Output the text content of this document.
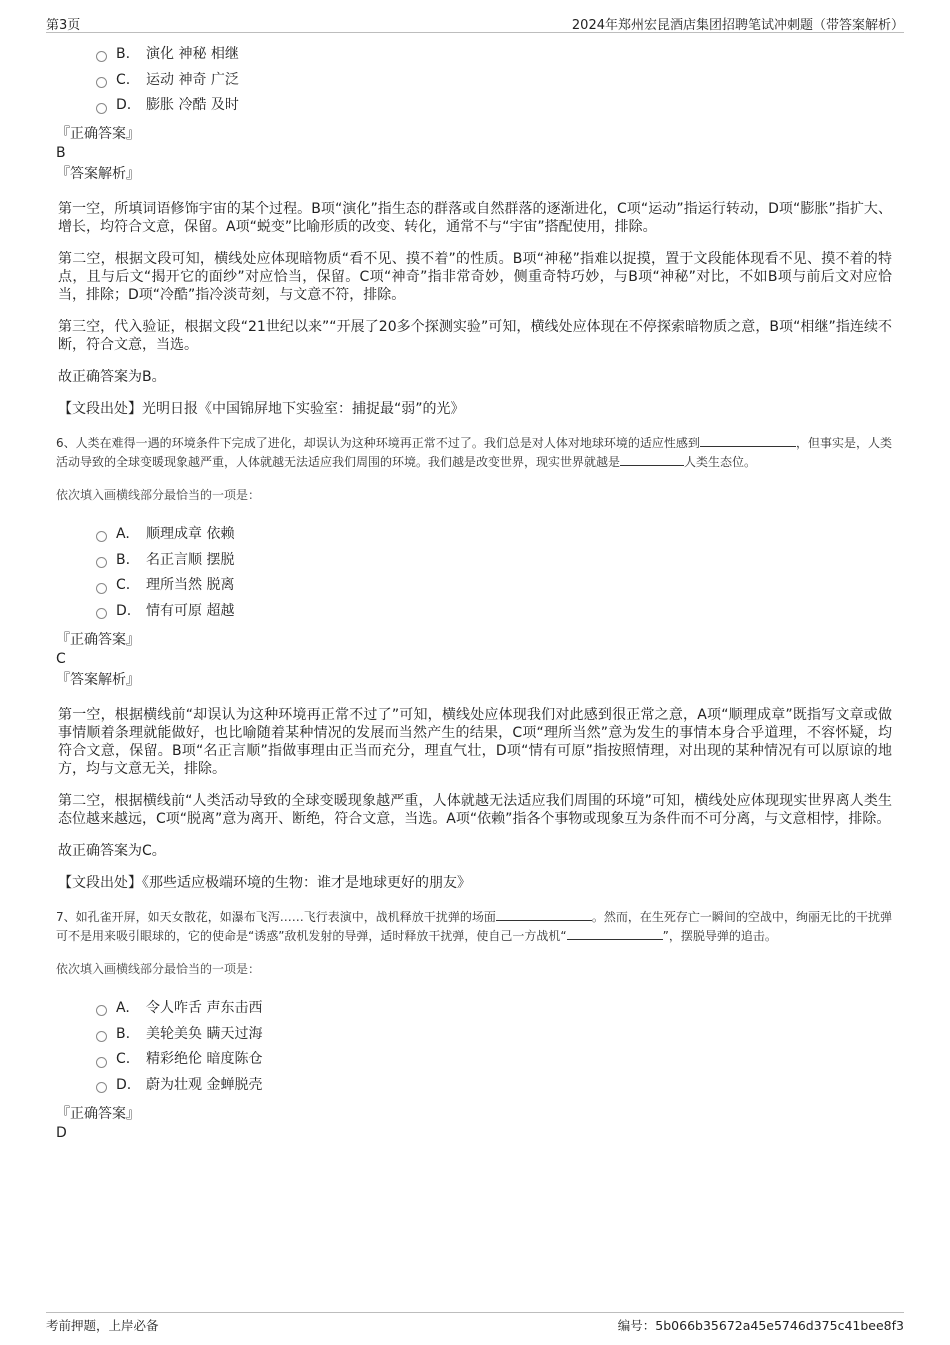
第3页	2024年郑州宏昆酒店集团招聘笔试冲刺题（带答案解析）
B.	演化 神秘 相继
C.	运动 神奇 广泛
D.	膨胀 冷酷 及时
『正确答案』
B
『答案解析』
第一空，所填词语修饰宇宙的某个过程。B项“演化”指生态的群落或自然群落的逐渐进化，C项“运动”指运行转动，D项“膨胀”指扩大、增长，均符合文意，保留。A项“蜕变”比喻形质的改变、转化，通常不与“宇宙”搭配使用，排除。
第二空，根据文段可知，横线处应体现暗物质“看不见、摸不着”的性质。B项“神秘”指难以捉摸，置于文段能体现看不见、摸不着的特点，且与后文“揭开它的面纱”对应恰当，保留。C项“神奇”指非常奇妙，侧重奇特巧妙，与B项“神秘”对比，不如B项与前后文对应恰当，排除；D项“冷酷”指冷淡苛刻，与文意不符，排除。
第三空，代入验证，根据文段“21世纪以来”“开展了20多个探测实验”可知，横线处应体现在不停探索暗物质之意，B项“相继”指连续不断，符合文意，当选。
故正确答案为B。
【文段出处】光明日报《中国锦屏地下实验室：捕捉最“弱”的光》
6、人类在难得一遇的环境条件下完成了进化，却误认为这种环境再正常不过了。我们总是对人体对地球环境的适应性感到	，但事实是，人类活动导致的全球变暖现象越严重，人体就越无法适应我们周围的环境。我们越是改变世界，现实世界就越是	人类生态位。
依次填入画横线部分最恰当的一项是：
A.	顺理成章 依赖
B.	名正言顺 摆脱
C.	理所当然 脱离
D.	情有可原 超越
『正确答案』
C
『答案解析』
第一空，根据横线前“却误认为这种环境再正常不过了”可知，横线处应体现我们对此感到很正常之意，A项“顺理成章”既指写文章或做事情顺着条理就能做好，也比喻随着某种情况的发展而当然产生的结果，C项“理所当然”意为发生的事情本身合乎道理，不容怀疑，均符合文意，保留。B项“名正言顺”指做事理由正当而充分，理直气壮，D项“情有可原”指按照情理，对出现的某种情况有可以原谅的地方，均与文意无关，排除。
第二空，根据横线前“人类活动导致的全球变暖现象越严重，人体就越无法适应我们周围的环境”可知，横线处应体现现实世界离人类生态位越来越远，C项“脱离”意为离开、断绝，符合文意，当选。A项“依赖”指各个事物或现象互为条件而不可分离，与文意相悖，排除。
故正确答案为C。
【文段出处】《那些适应极端环境的生物：谁才是地球更好的朋友》
7、如孔雀开屏，如天女散花，如瀑布飞泻……飞行表演中，战机释放干扰弹的场面	。然而，在生死存亡一瞬间的空战中，绚丽无比的干扰弹可不是用来吸引眼球的，它的使命是“诱惑”敌机发射的导弹，适时释放干扰弹，使自己一方战机“	”，摆脱导弹的追击。
依次填入画横线部分最恰当的一项是：
A.	令人咋舌 声东击西
B.	美轮美奂 瞒天过海
C.	精彩绝伦 暗度陈仓
D.	蔚为壮观 金蝉脱壳
『正确答案』
D
考前押题，上岸必备	编号：5b066b35672a45e5746d375c41bee8f3
